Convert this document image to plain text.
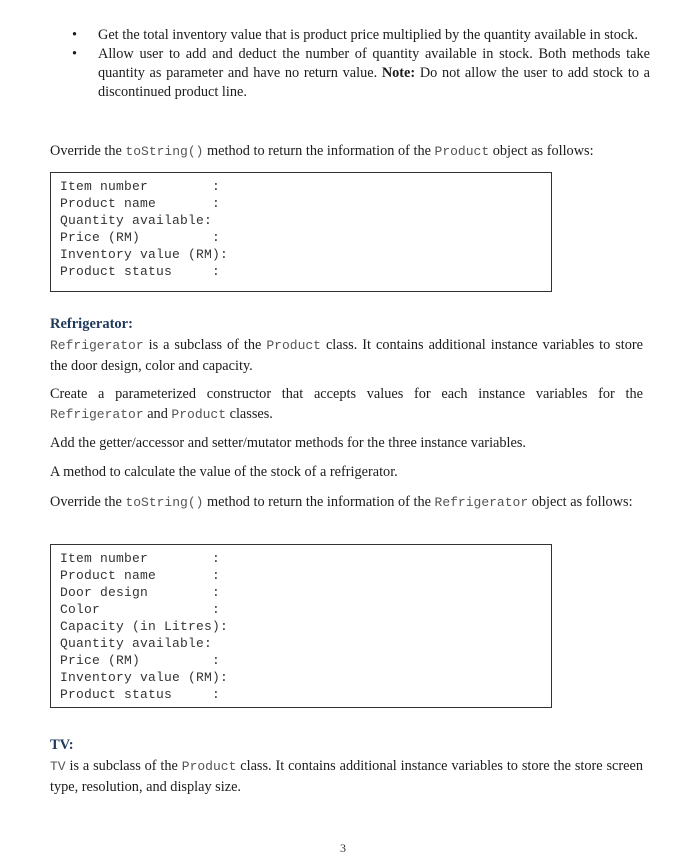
• Get the total inventory value that is product price multiplied by the quantity available in stock.
• Allow user to add and deduct the number of quantity available in stock. Both methods take quantity as parameter and have no return value. Note: Do not allow the user to add stock to a discontinued product line.
Override the toString() method to return the information of the Product object as follows:
Item number        :
Product name       :
Quantity available:
Price (RM)         :
Inventory value (RM):
Product status     :
Refrigerator:
Refrigerator is a subclass of the Product class. It contains additional instance variables to store the door design, color and capacity.
Create a parameterized constructor that accepts values for each instance variables for the Refrigerator and Product classes.
Add the getter/accessor and setter/mutator methods for the three instance variables.
A method to calculate the value of the stock of a refrigerator.
Override the toString() method to return the information of the Refrigerator object as follows:
Item number        :
Product name       :
Door design        :
Color              :
Capacity (in Litres):
Quantity available:
Price (RM)         :
Inventory value (RM):
Product status     :
TV:
TV is a subclass of the Product class. It contains additional instance variables to store the store screen type, resolution, and display size.
3
